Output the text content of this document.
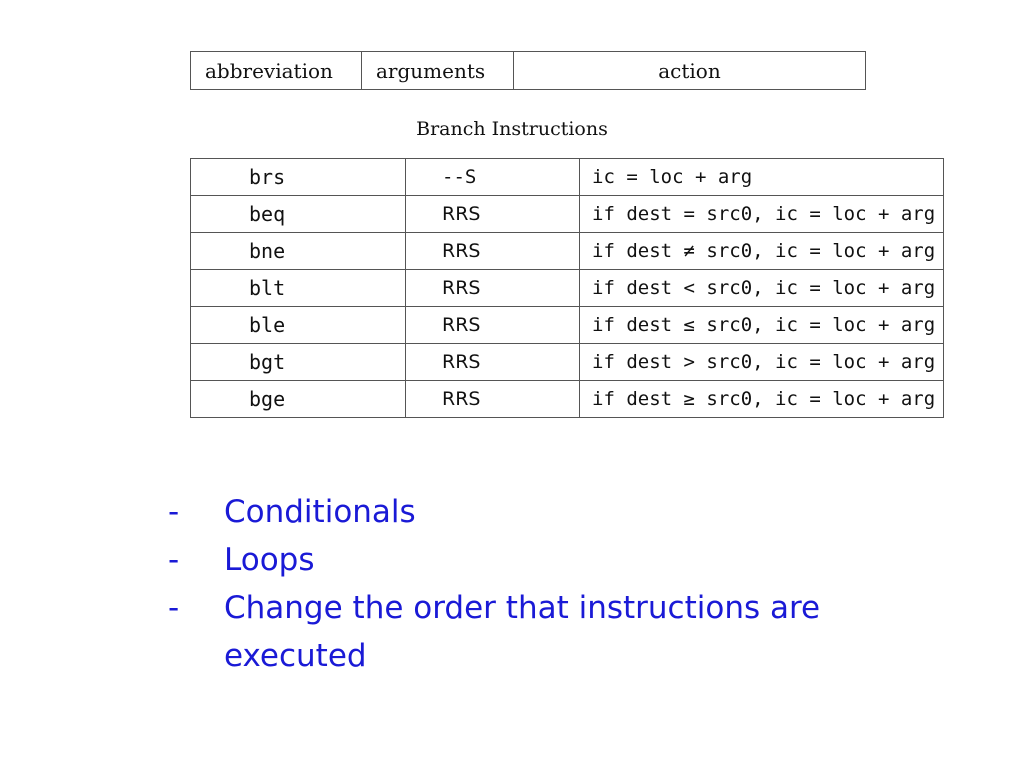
abbreviation	arguments	action
Branch Instructions
brs	--S	ic = loc + arg
beq	RRS	if dest = src0, ic = loc + arg
bne	RRS	if dest ≠ src0, ic = loc + arg
blt	RRS	if dest < src0, ic = loc + arg
ble	RRS	if dest ≤ src0, ic = loc + arg
bgt	RRS	if dest > src0, ic = loc + arg
bge	RRS	if dest ≥ src0, ic = loc + arg
-	Conditionals
-	Loops
-	Change the order that instructions are executed
